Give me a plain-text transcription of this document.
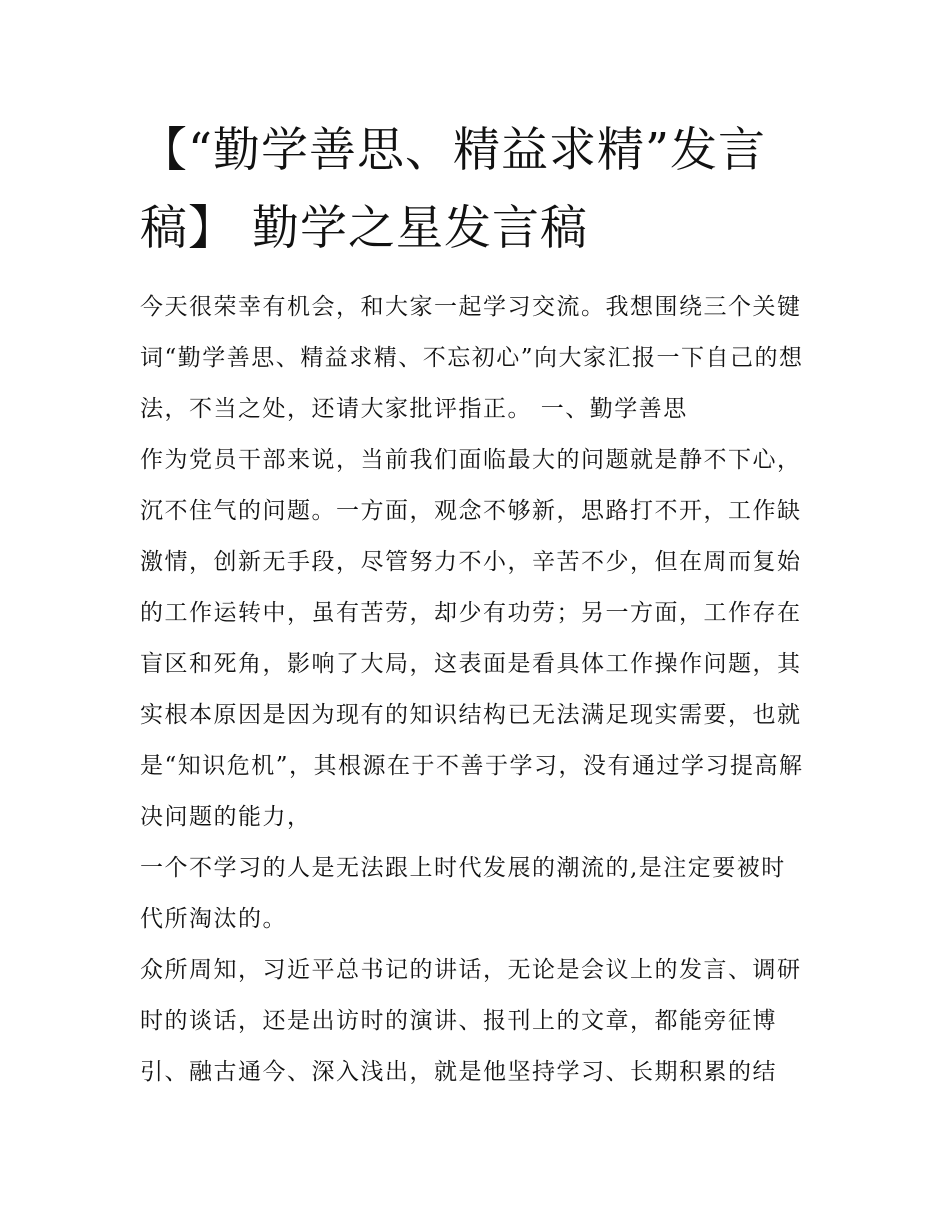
【“勤学善思、精益求精”发言
稿】 勤学之星发言稿
今天很荣幸有机会，和大家一起学习交流。我想围绕三个关键
词“勤学善思、精益求精、不忘初心”向大家汇报一下自己的想
法，不当之处，还请大家批评指正。 一、勤学善思
作为党员干部来说，当前我们面临最大的问题就是静不下心，
沉不住气的问题。一方面，观念不够新，思路打不开，工作缺
激情，创新无手段，尽管努力不小，辛苦不少，但在周而复始
的工作运转中，虽有苦劳，却少有功劳；另一方面，工作存在
盲区和死角，影响了大局，这表面是看具体工作操作问题，其
实根本原因是因为现有的知识结构已无法满足现实需要，也就
是“知识危机”，其根源在于不善于学习，没有通过学习提高解
决问题的能力，
一个不学习的人是无法跟上时代发展的潮流的,是注定要被时
代所淘汰的。
众所周知，习近平总书记的讲话，无论是会议上的发言、调研
时的谈话，还是出访时的演讲、报刊上的文章，都能旁征博
引、融古通今、深入浅出，就是他坚持学习、长期积累的结
